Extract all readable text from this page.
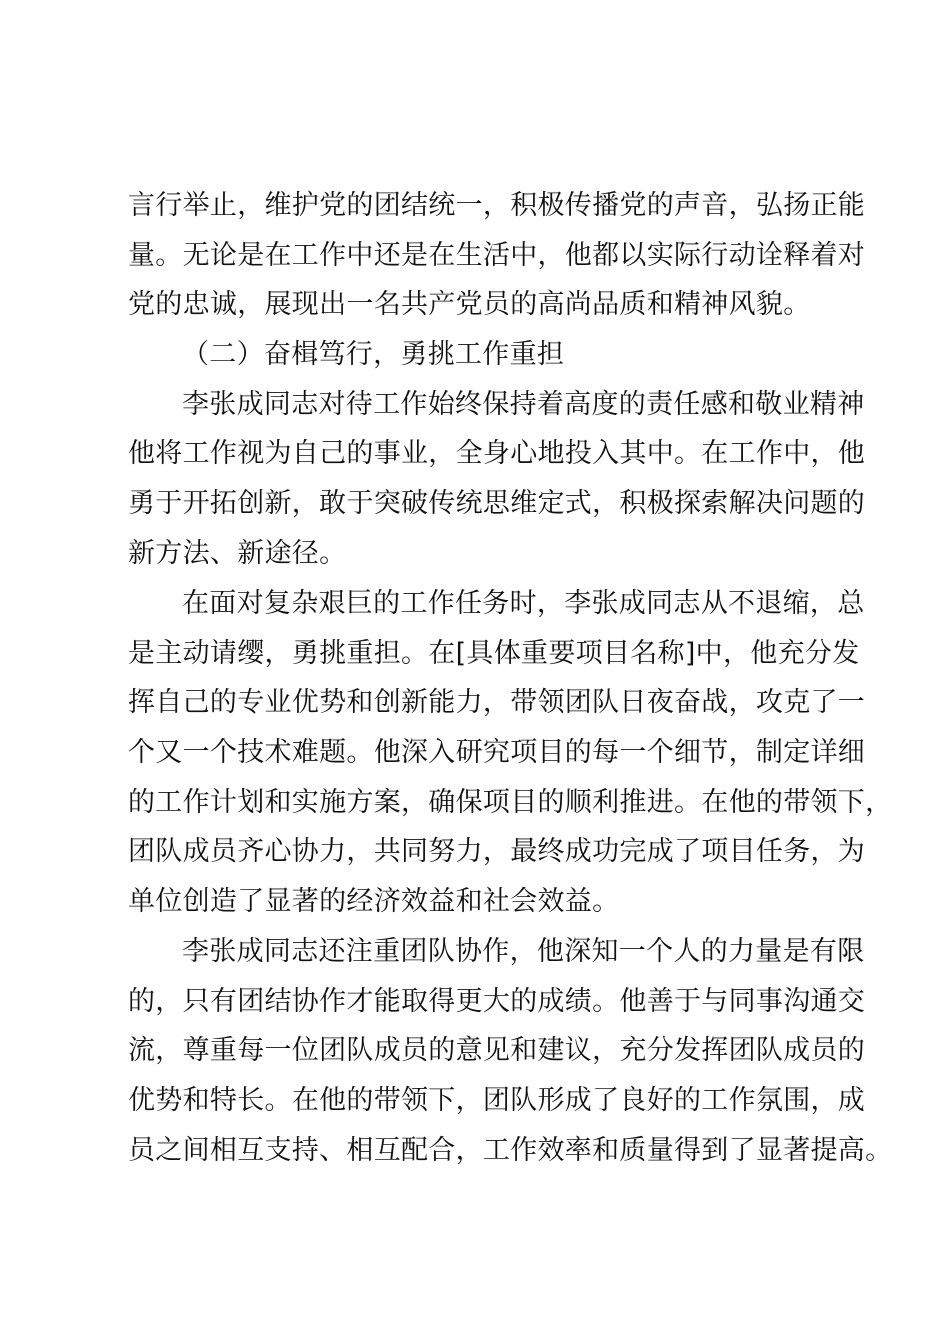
言行举止，维护党的团结统一，积极传播党的声音，弘扬正能
量。无论是在工作中还是在生活中，他都以实际行动诠释着对
党的忠诚，展现出一名共产党员的高尚品质和精神风貌。
（二）奋楫笃行，勇挑工作重担
李张成同志对待工作始终保持着高度的责任感和敬业精神
他将工作视为自己的事业，全身心地投入其中。在工作中，他
勇于开拓创新，敢于突破传统思维定式，积极探索解决问题的
新方法、新途径。
在面对复杂艰巨的工作任务时，李张成同志从不退缩，总
是主动请缨，勇挑重担。在[具体重要项目名称]中，他充分发
挥自己的专业优势和创新能力，带领团队日夜奋战，攻克了一
个又一个技术难题。他深入研究项目的每一个细节，制定详细
的工作计划和实施方案，确保项目的顺利推进。在他的带领下，
团队成员齐心协力，共同努力，最终成功完成了项目任务，为
单位创造了显著的经济效益和社会效益。
李张成同志还注重团队协作，他深知一个人的力量是有限
的，只有团结协作才能取得更大的成绩。他善于与同事沟通交
流，尊重每一位团队成员的意见和建议，充分发挥团队成员的
优势和特长。在他的带领下，团队形成了良好的工作氛围，成
员之间相互支持、相互配合，工作效率和质量得到了显著提高。
